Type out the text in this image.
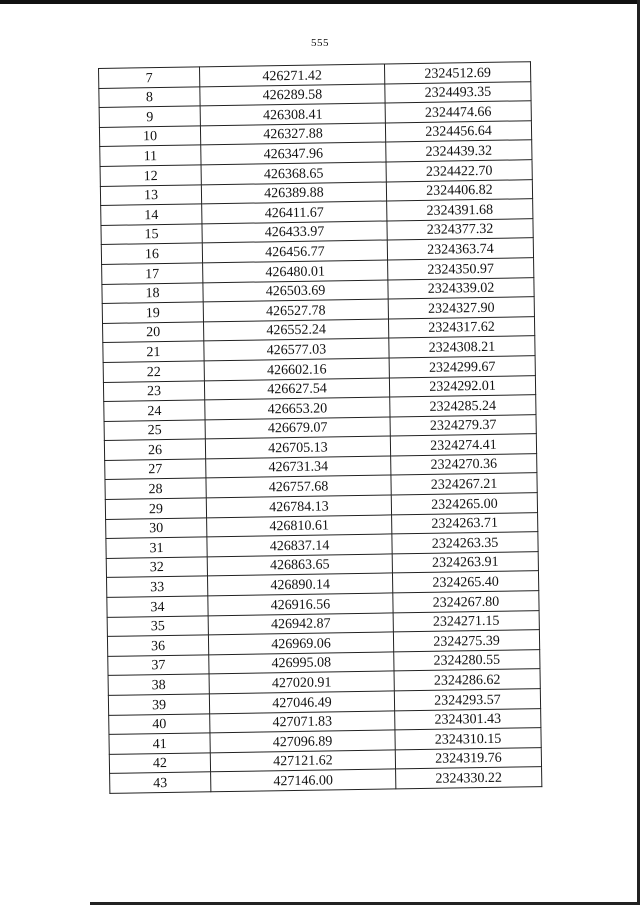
555
7	426271.42	2324512.69
8	426289.58	2324493.35
9	426308.41	2324474.66
10	426327.88	2324456.64
11	426347.96	2324439.32
12	426368.65	2324422.70
13	426389.88	2324406.82
14	426411.67	2324391.68
15	426433.97	2324377.32
16	426456.77	2324363.74
17	426480.01	2324350.97
18	426503.69	2324339.02
19	426527.78	2324327.90
20	426552.24	2324317.62
21	426577.03	2324308.21
22	426602.16	2324299.67
23	426627.54	2324292.01
24	426653.20	2324285.24
25	426679.07	2324279.37
26	426705.13	2324274.41
27	426731.34	2324270.36
28	426757.68	2324267.21
29	426784.13	2324265.00
30	426810.61	2324263.71
31	426837.14	2324263.35
32	426863.65	2324263.91
33	426890.14	2324265.40
34	426916.56	2324267.80
35	426942.87	2324271.15
36	426969.06	2324275.39
37	426995.08	2324280.55
38	427020.91	2324286.62
39	427046.49	2324293.57
40	427071.83	2324301.43
41	427096.89	2324310.15
42	427121.62	2324319.76
43	427146.00	2324330.22
